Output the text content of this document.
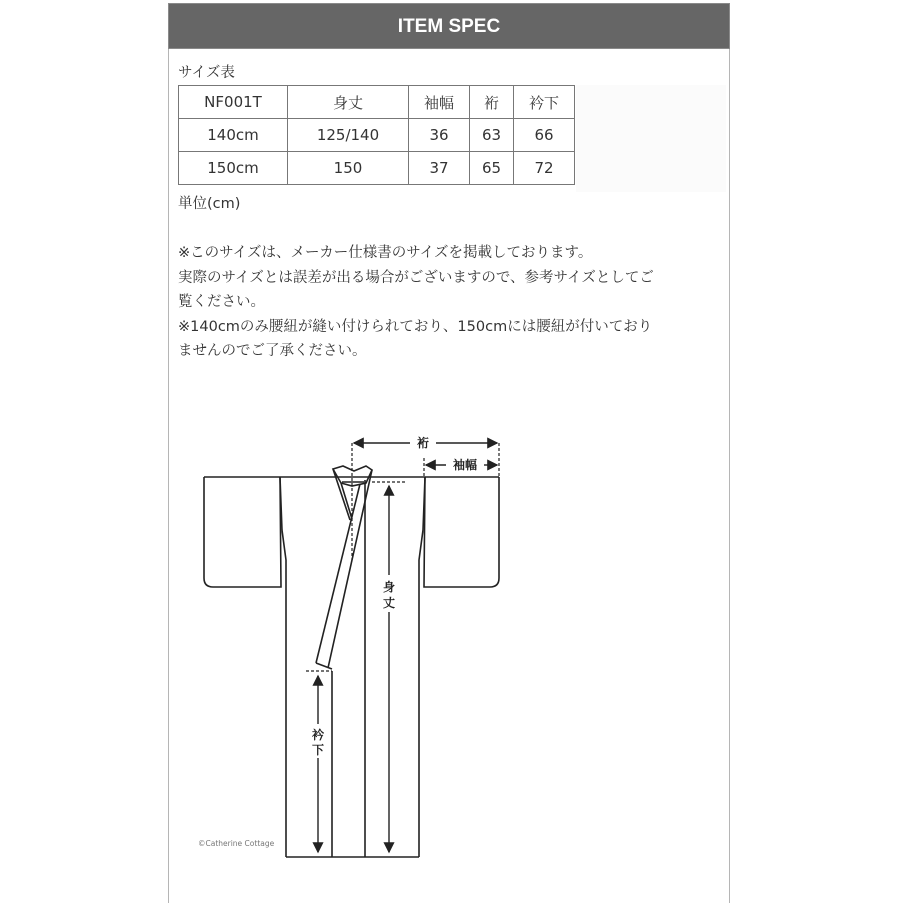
ITEM SPEC
サイズ表
NF001T	身丈	袖幅	裄	衿下
140cm	125/140	36	63	66
150cm	150	37	65	72
単位(cm)

※このサイズは、メーカー仕様書のサイズを掲載しております。

実際のサイズとは誤差が出る場合がございますので、参考サイズとしてご

覧ください。

※140cmのみ腰紐が縫い付けられており、150cmには腰紐が付いており

ませんのでご了承ください。

裄
袖幅
身
丈
衿
下
©Catherine Cottage
